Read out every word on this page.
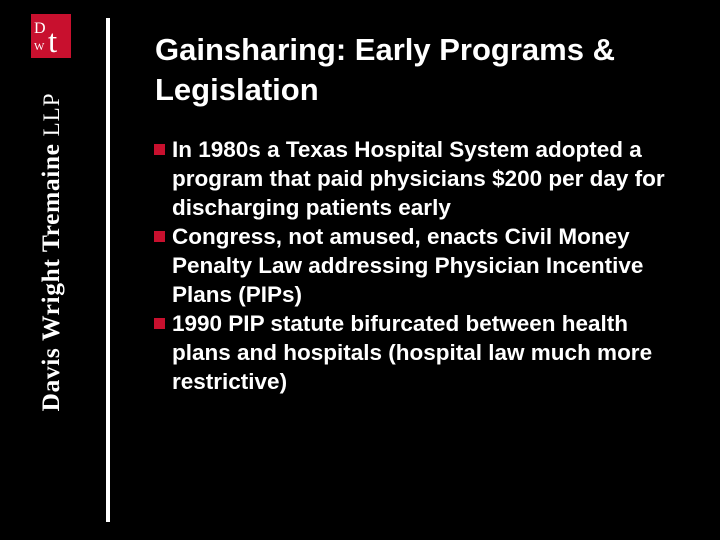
D
W t
Davis Wright Tremaine LLP
Gainsharing: Early Programs & Legislation
In 1980s a Texas Hospital System adopted a program that paid physicians $200 per day for discharging patients early
Congress, not amused, enacts Civil Money Penalty Law addressing Physician Incentive Plans (PIPs)
1990 PIP statute bifurcated between health plans and hospitals (hospital law much more restrictive)
